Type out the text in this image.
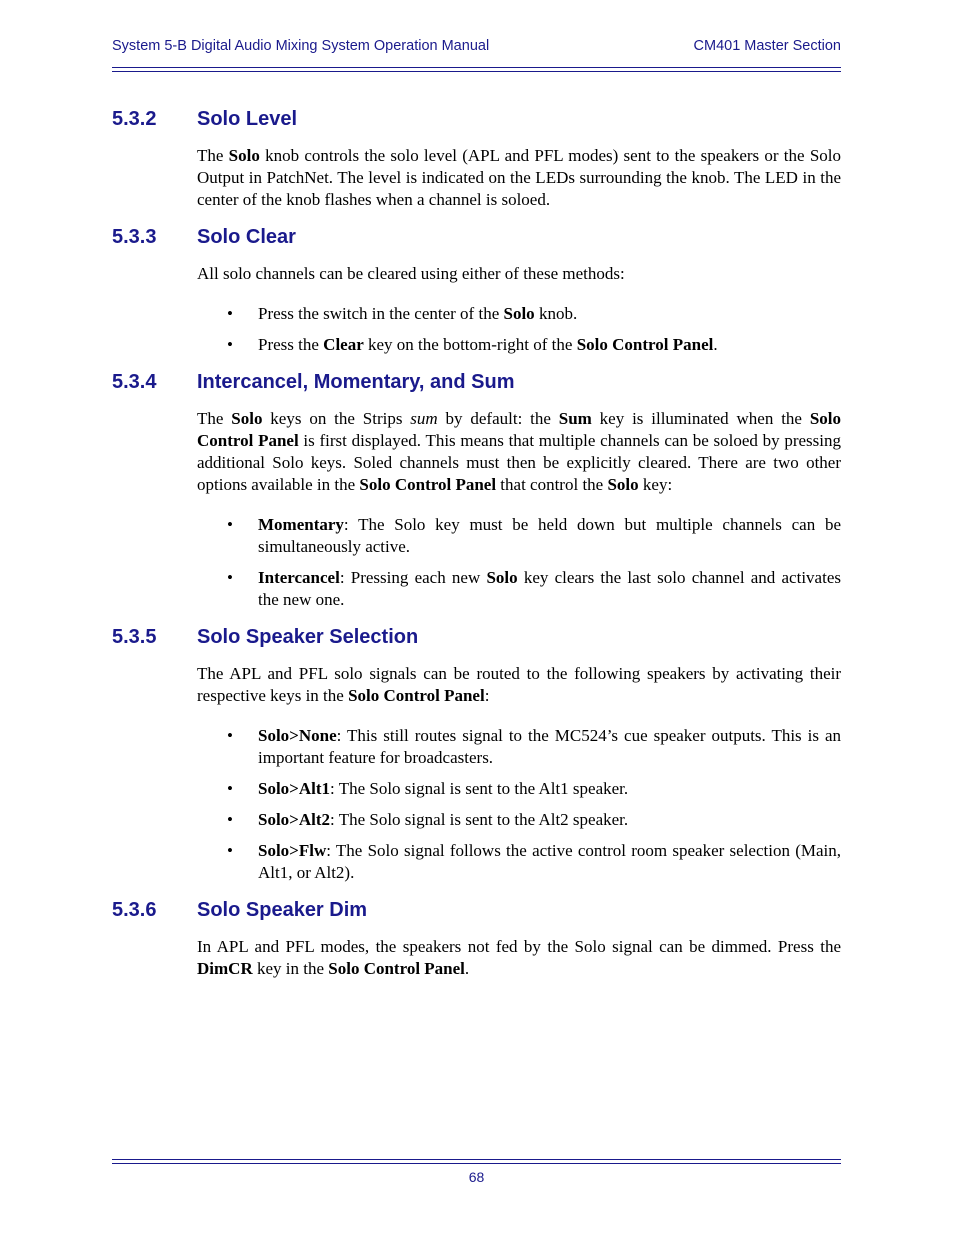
System 5-B Digital Audio Mixing System Operation Manual	CM401 Master Section
5.3.2 Solo Level

The Solo knob controls the solo level (APL and PFL modes) sent to the speakers or the Solo Output in PatchNet. The level is indicated on the LEDs surrounding the knob. The LED in the center of the knob flashes when a channel is soloed.

5.3.3 Solo Clear

All solo channels can be cleared using either of these methods:

• Press the switch in the center of the Solo knob.
• Press the Clear key on the bottom-right of the Solo Control Panel.
5.3.4 Intercancel, Momentary, and Sum

The Solo keys on the Strips sum by default: the Sum key is illuminated when the Solo Control Panel is first displayed. This means that multiple channels can be soloed by pressing additional Solo keys. Soled channels must then be explicitly cleared. There are two other options available in the Solo Control Panel that control the Solo key:

• Momentary: The Solo key must be held down but multiple channels can be simultaneously active.
• Intercancel: Pressing each new Solo key clears the last solo channel and activates the new one.
5.3.5 Solo Speaker Selection

The APL and PFL solo signals can be routed to the following speakers by activating their respective keys in the Solo Control Panel:

• Solo>None: This still routes signal to the MC524’s cue speaker outputs. This is an important feature for broadcasters.
• Solo>Alt1: The Solo signal is sent to the Alt1 speaker.
• Solo>Alt2: The Solo signal is sent to the Alt2 speaker.
• Solo>Flw: The Solo signal follows the active control room speaker selection (Main, Alt1, or Alt2).
5.3.6 Solo Speaker Dim

In APL and PFL modes, the speakers not fed by the Solo signal can be dimmed. Press the DimCR key in the Solo Control Panel.

68
